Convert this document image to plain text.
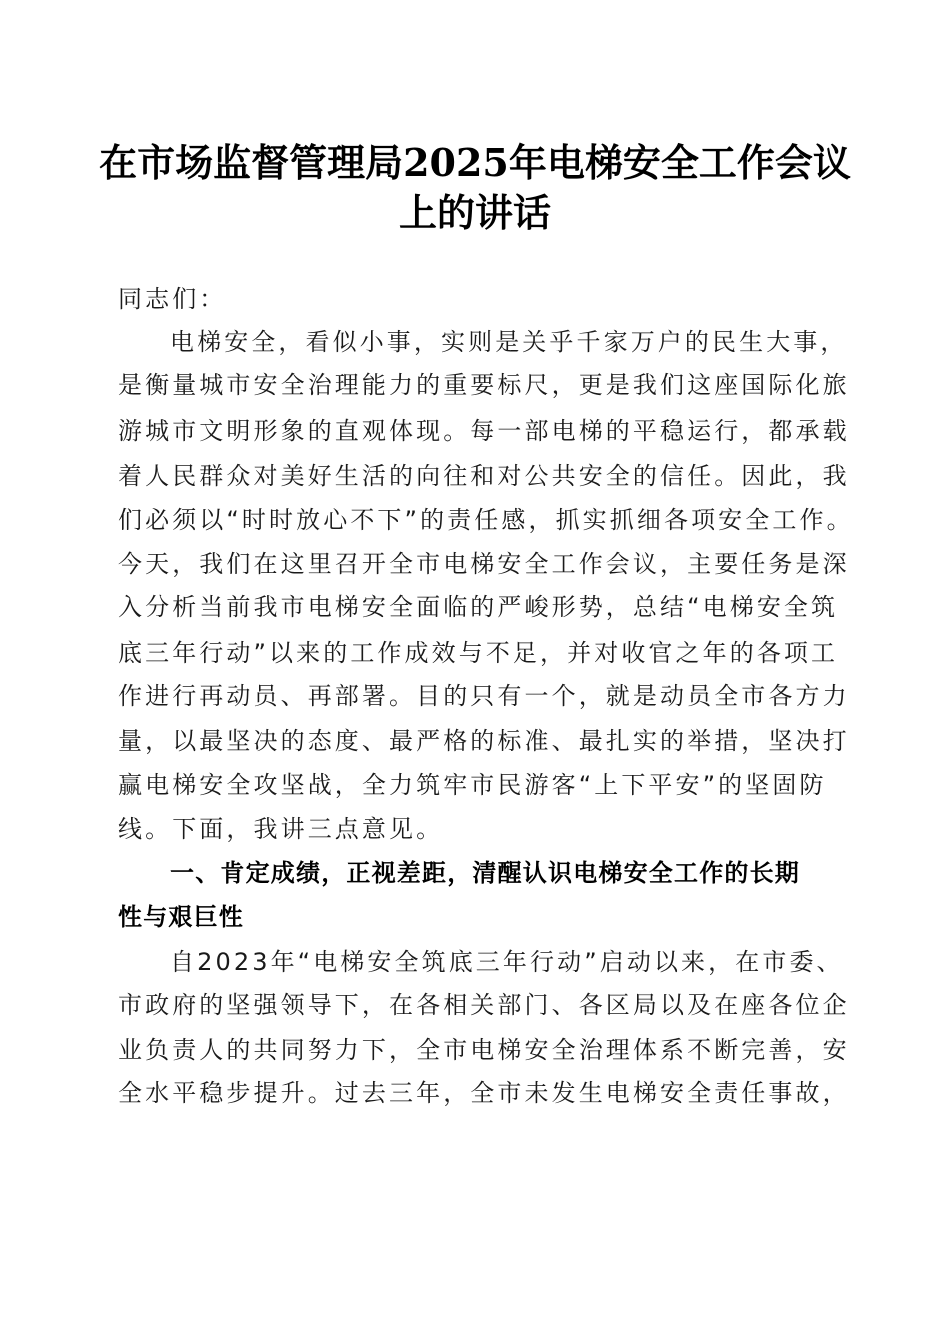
在市场监督管理局2025年电梯安全工作会议
上的讲话
同志们：
电梯安全，看似小事，实则是关乎千家万户的民生大事，
是衡量城市安全治理能力的重要标尺，更是我们这座国际化旅
游城市文明形象的直观体现。每一部电梯的平稳运行，都承载
着人民群众对美好生活的向往和对公共安全的信任。因此，我
们必须以“时时放心不下”的责任感，抓实抓细各项安全工作。
今天，我们在这里召开全市电梯安全工作会议，主要任务是深
入分析当前我市电梯安全面临的严峻形势，总结“电梯安全筑
底三年行动”以来的工作成效与不足，并对收官之年的各项工
作进行再动员、再部署。目的只有一个，就是动员全市各方力
量，以最坚决的态度、最严格的标准、最扎实的举措，坚决打
赢电梯安全攻坚战，全力筑牢市民游客“上下平安”的坚固防
线。下面，我讲三点意见。
一、肯定成绩，正视差距，清醒认识电梯安全工作的长期
性与艰巨性
自2023年“电梯安全筑底三年行动”启动以来，在市委、
市政府的坚强领导下，在各相关部门、各区局以及在座各位企
业负责人的共同努力下，全市电梯安全治理体系不断完善，安
全水平稳步提升。过去三年，全市未发生电梯安全责任事故，
